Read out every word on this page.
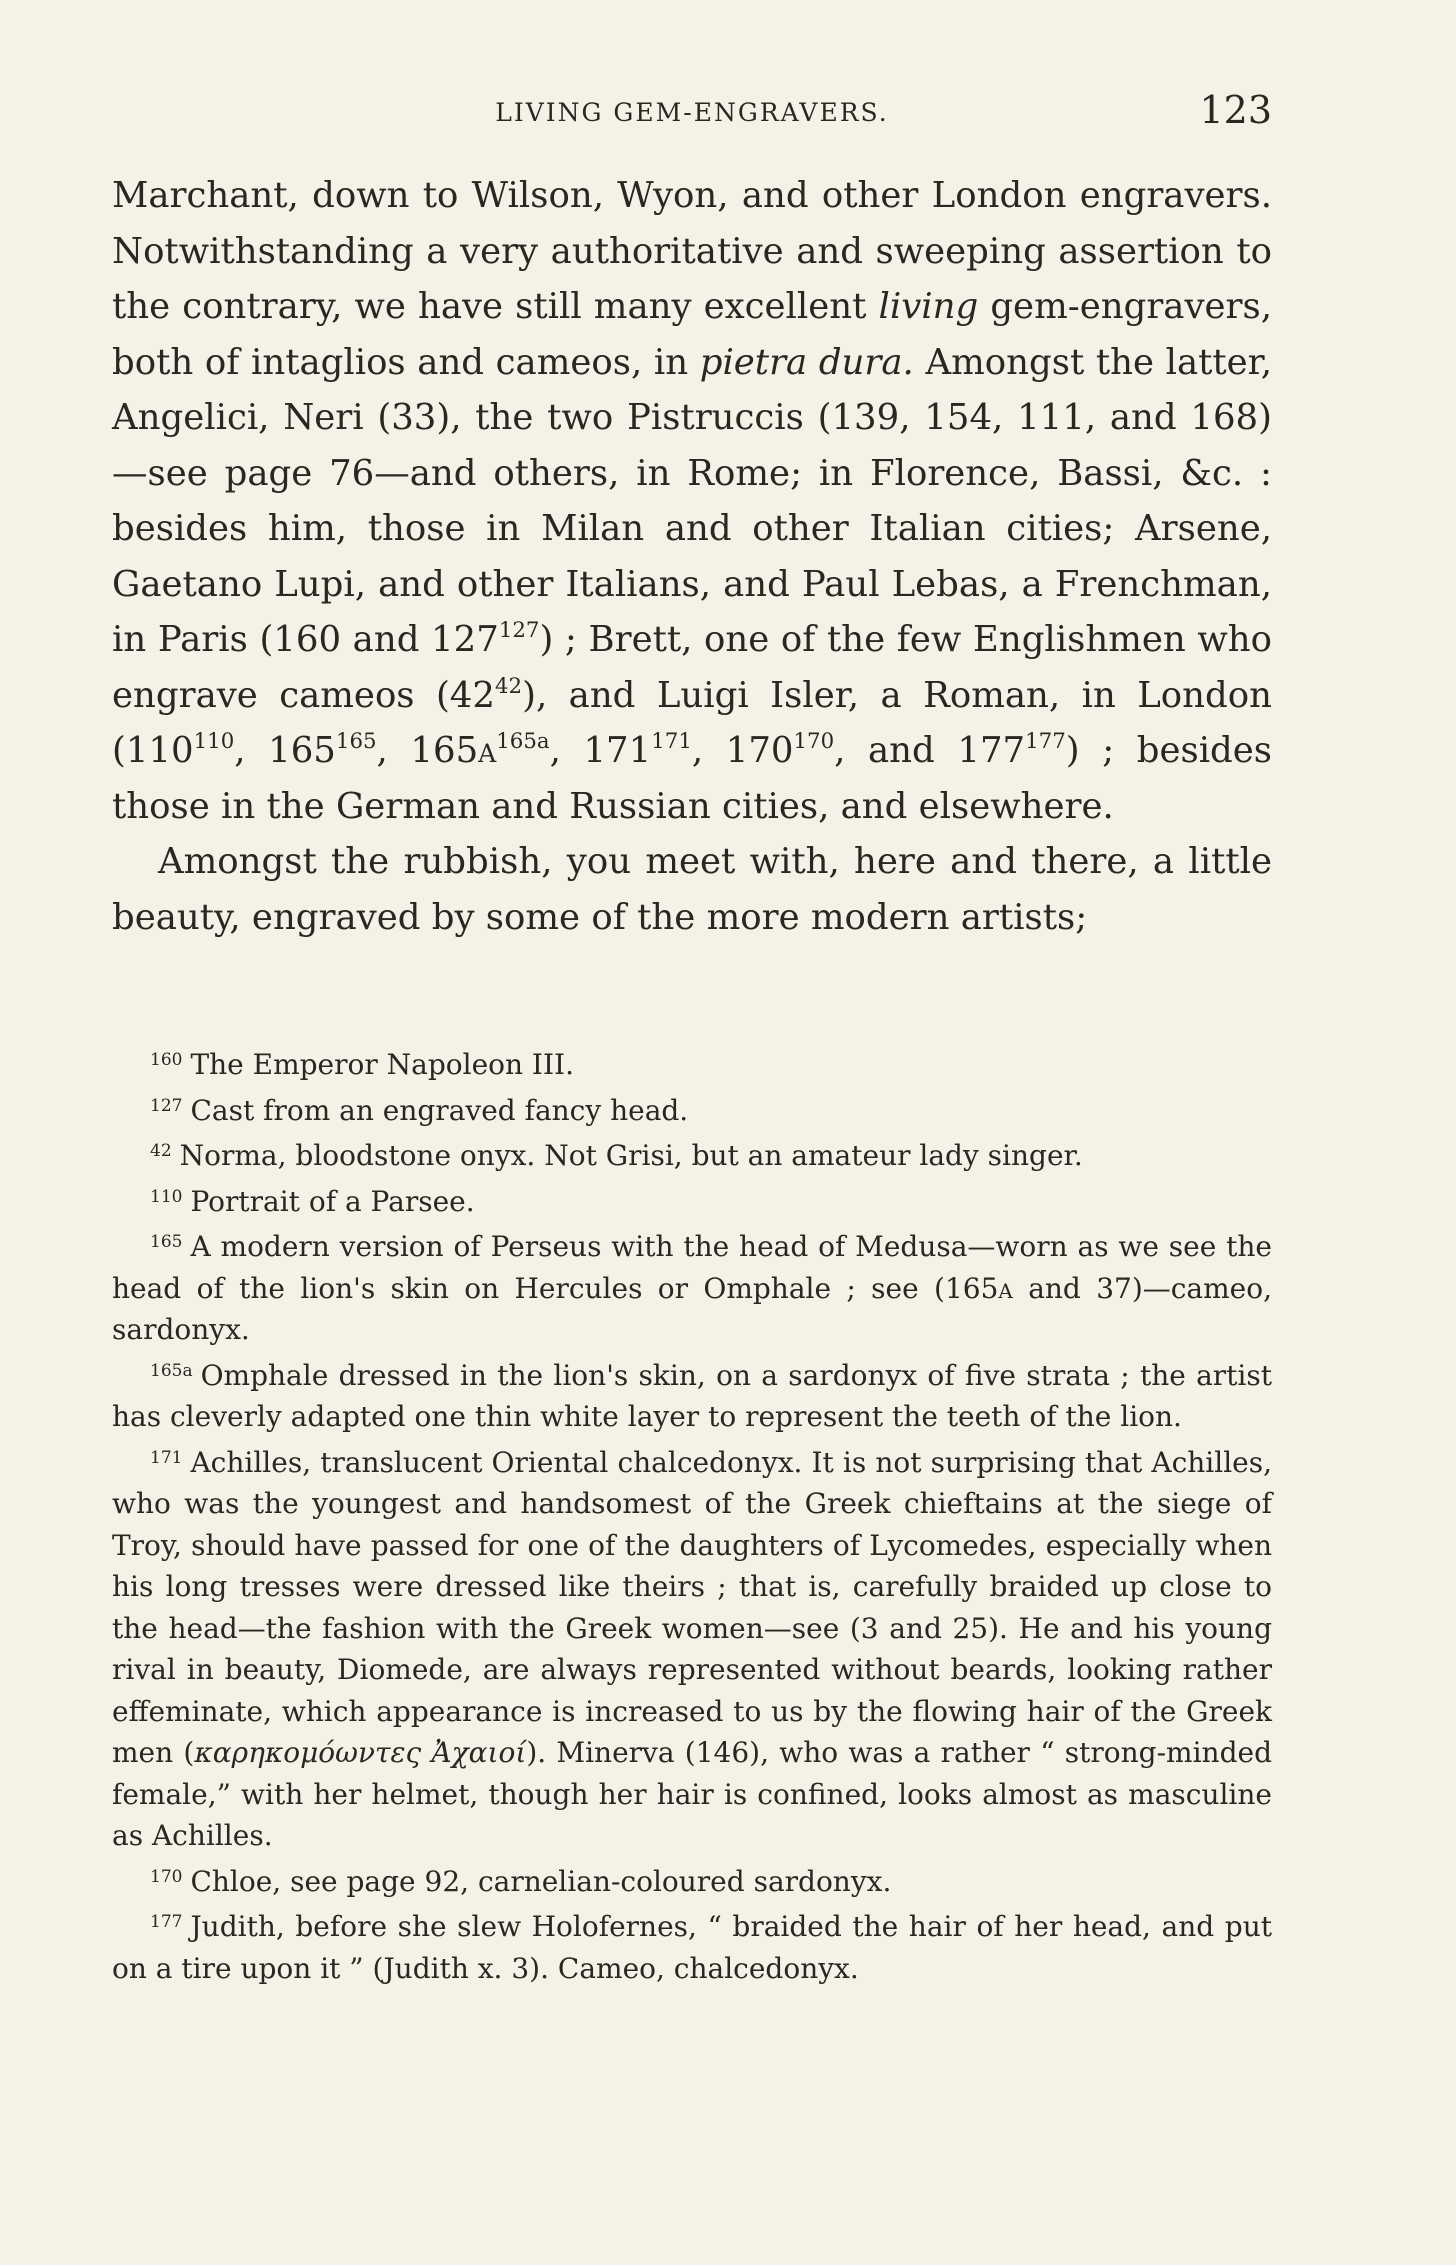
LIVING GEM-ENGRAVERS.	123

Marchant, down to Wilson, Wyon, and other London engravers. Notwithstanding a very authoritative and sweeping assertion to the contrary, we have still many excellent living gem-engravers, both of intaglios and cameos, in pietra dura. Amongst the latter, Angelici, Neri (33), the two Pistruccis (139, 154, 111, and 168)—see page 76—and others, in Rome; in Florence, Bassi, &c. : besides him, those in Milan and other Italian cities; Arsene, Gaetano Lupi, and other Italians, and Paul Lebas, a Frenchman, in Paris (160 and $127^{127}$) ; Brett, one of the few Englishmen who engrave cameos $(42^{42})$, and Luigi Isler, a Roman, in London ($110^{110}$, $165^{165}$, $165a^{165a}$, $171^{171}$, $170^{170}$, and $177^{177}$) ; besides those in the German and Russian cities, and elsewhere.

Amongst the rubbish, you meet with, here and there, a little beauty, engraved by some of the more modern artists;

$^{160}$ The Emperor Napoleon III.

$^{127}$ Cast from an engraved fancy head.

$^{42}$ Norma, bloodstone onyx. Not Grisi, but an amateur lady singer.

$^{110}$ Portrait of a Parsee.

$^{165}$ A modern version of Perseus with the head of Medusa—worn as we see the head of the lion's skin on Hercules or Omphale ; see (165a and 37)—cameo, sardonyx.

$^{165a}$ Omphale dressed in the lion's skin, on a sardonyx of five strata ; the artist has cleverly adapted one thin white layer to represent the teeth of the lion.

$^{171}$ Achilles, translucent Oriental chalcedonyx. It is not surprising that Achilles, who was the youngest and handsomest of the Greek chieftains at the siege of Troy, should have passed for one of the daughters of Lycomedes, especially when his long tresses were dressed like theirs ; that is, carefully braided up close to the head—the fashion with the Greek women—see (3 and 25). He and his young rival in beauty, Diomede, are always represented without beards, looking rather effeminate, which appearance is increased to us by the flowing hair of the Greek men (καρηκομόωντες Ἀχαιοί). Minerva (146), who was a rather “ strong-minded female,” with her helmet, though her hair is confined, looks almost as masculine as Achilles.

$^{170}$ Chloe, see page 92, carnelian-coloured sardonyx.

$^{177}$ Judith, before she slew Holofernes, “ braided the hair of her head, and put on a tire upon it ” (Judith x. 3). Cameo, chalcedonyx.
